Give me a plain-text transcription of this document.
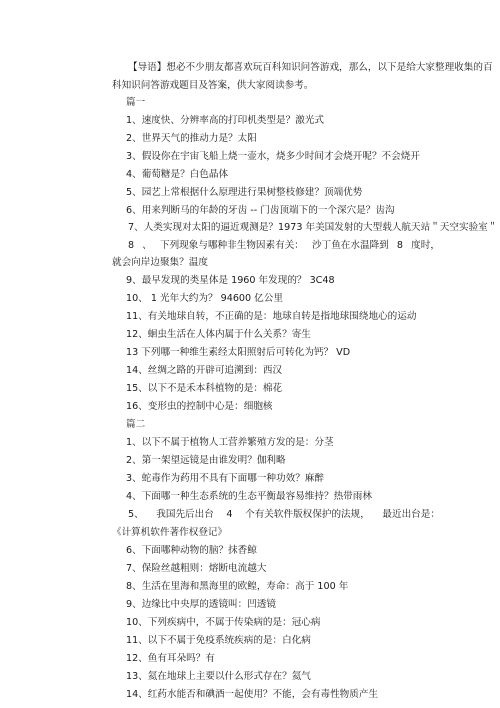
【导语】想必不少朋友都喜欢玩百科知识问答游戏，那么，以下是给大家整理收集的百
科知识问答游戏题目及答案，供大家阅读参考。
篇一
1、速度快、分辨率高的打印机类型是？激光式
2、世界天气的推动力是？太阳
3、假设你在宇宙飞船上烧一壶水，烧多少时间才会烧开呢？不会烧开
4、葡萄糖是？白色晶体
5、园艺上常根据什么原理进行果树整枝修建？顶端优势
6、用来判断马的年龄的牙齿 -- 门齿顶端下的一个深穴是？齿沟
7、人类实现对太阳的逼近观测是？ 1973 年美国发射的大型载人航天站＂天空实验室＂
8 、 下列现象与哪种非生物因素有关： 沙丁鱼在水温降到 8 度时，
就会向岸边聚集？温度
9、最早发现的类星体是 1960 年发现的？ 3C48
10、 1 光年大约为？ 94600 亿公里
11、有关地球自转，不正确的是：地球自转是指地球围绕地心的运动
12、蛔虫生活在人体内属于什么关系？寄生
13 下列哪一种维生素经太阳照射后可转化为钙？ VD
14、丝绸之路的开辟可追溯到：西汉
15、以下不是禾本科植物的是：棉花
16、变形虫的控制中心是：细胞核
篇二
1、以下不属于植物人工营养繁殖方发的是：分茎
2、第一架望远镜是由谁发明？伽利略
3、蛇毒作为药用不具有下面哪一种功效？麻醉
4、下面哪一种生态系统的生态平衡最容易维持？热带雨林
5、 我国先后出台 4 个有关软件版权保护的法规， 最近出台是：
《计算机软件著作权登记》
6、下面哪种动物的脑？抹香鲸
7、保险丝越粗则：熔断电流越大
8、生活在里海和黑海里的欧鳇，寿命：高于 100 年
9、边缘比中央厚的透镜叫：凹透镜
10、下列疾病中，不属于传染病的是：冠心病
11、以下不属于免疫系统疾病的是：白化病
12、鱼有耳朵吗？有
13、氦在地球上主要以什么形式存在？氦气
14、红药水能否和碘酒一起使用？不能，会有毒性物质产生
